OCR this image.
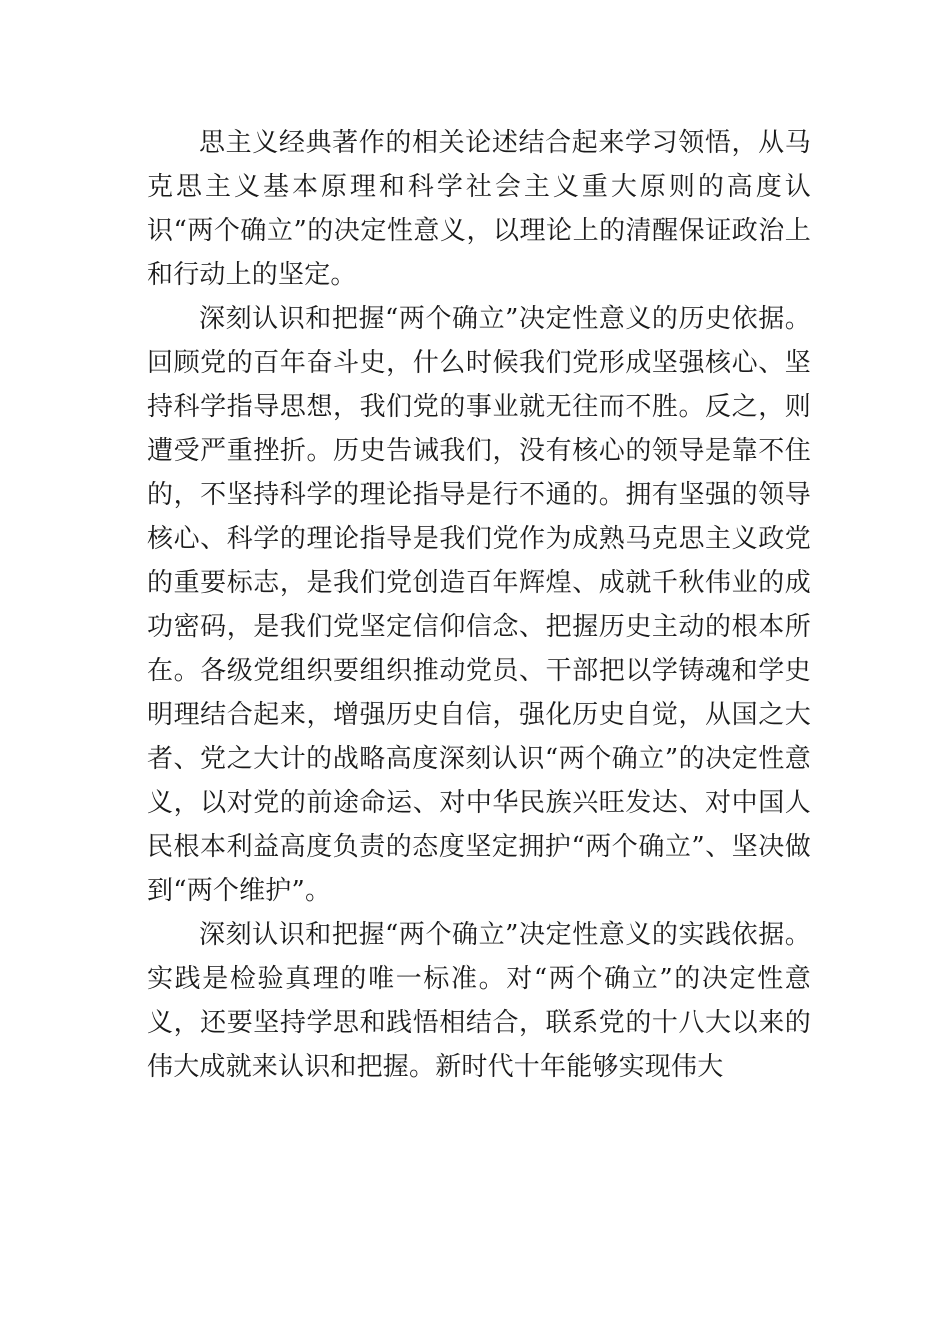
思主义经典著作的相关论述结合起来学习领悟，从马克思主义基本原理和科学社会主义重大原则的高度认识“两个确立”的决定性意义，以理论上的清醒保证政治上和行动上的坚定。

深刻认识和把握“两个确立”决定性意义的历史依据。回顾党的百年奋斗史，什么时候我们党形成坚强核心、坚持科学指导思想，我们党的事业就无往而不胜。反之，则遭受严重挫折。历史告诫我们，没有核心的领导是靠不住的，不坚持科学的理论指导是行不通的。拥有坚强的领导核心、科学的理论指导是我们党作为成熟马克思主义政党的重要标志，是我们党创造百年辉煌、成就千秋伟业的成功密码，是我们党坚定信仰信念、把握历史主动的根本所在。各级党组织要组织推动党员、干部把以学铸魂和学史明理结合起来，增强历史自信，强化历史自觉，从国之大者、党之大计的战略高度深刻认识“两个确立”的决定性意义，以对党的前途命运、对中华民族兴旺发达、对中国人民根本利益高度负责的态度坚定拥护“两个确立”、坚决做到“两个维护”。

深刻认识和把握“两个确立”决定性意义的实践依据。实践是检验真理的唯一标准。对“两个确立”的决定性意义，还要坚持学思和践悟相结合，联系党的十八大以来的伟大成就来认识和把握。新时代十年能够实现伟大
